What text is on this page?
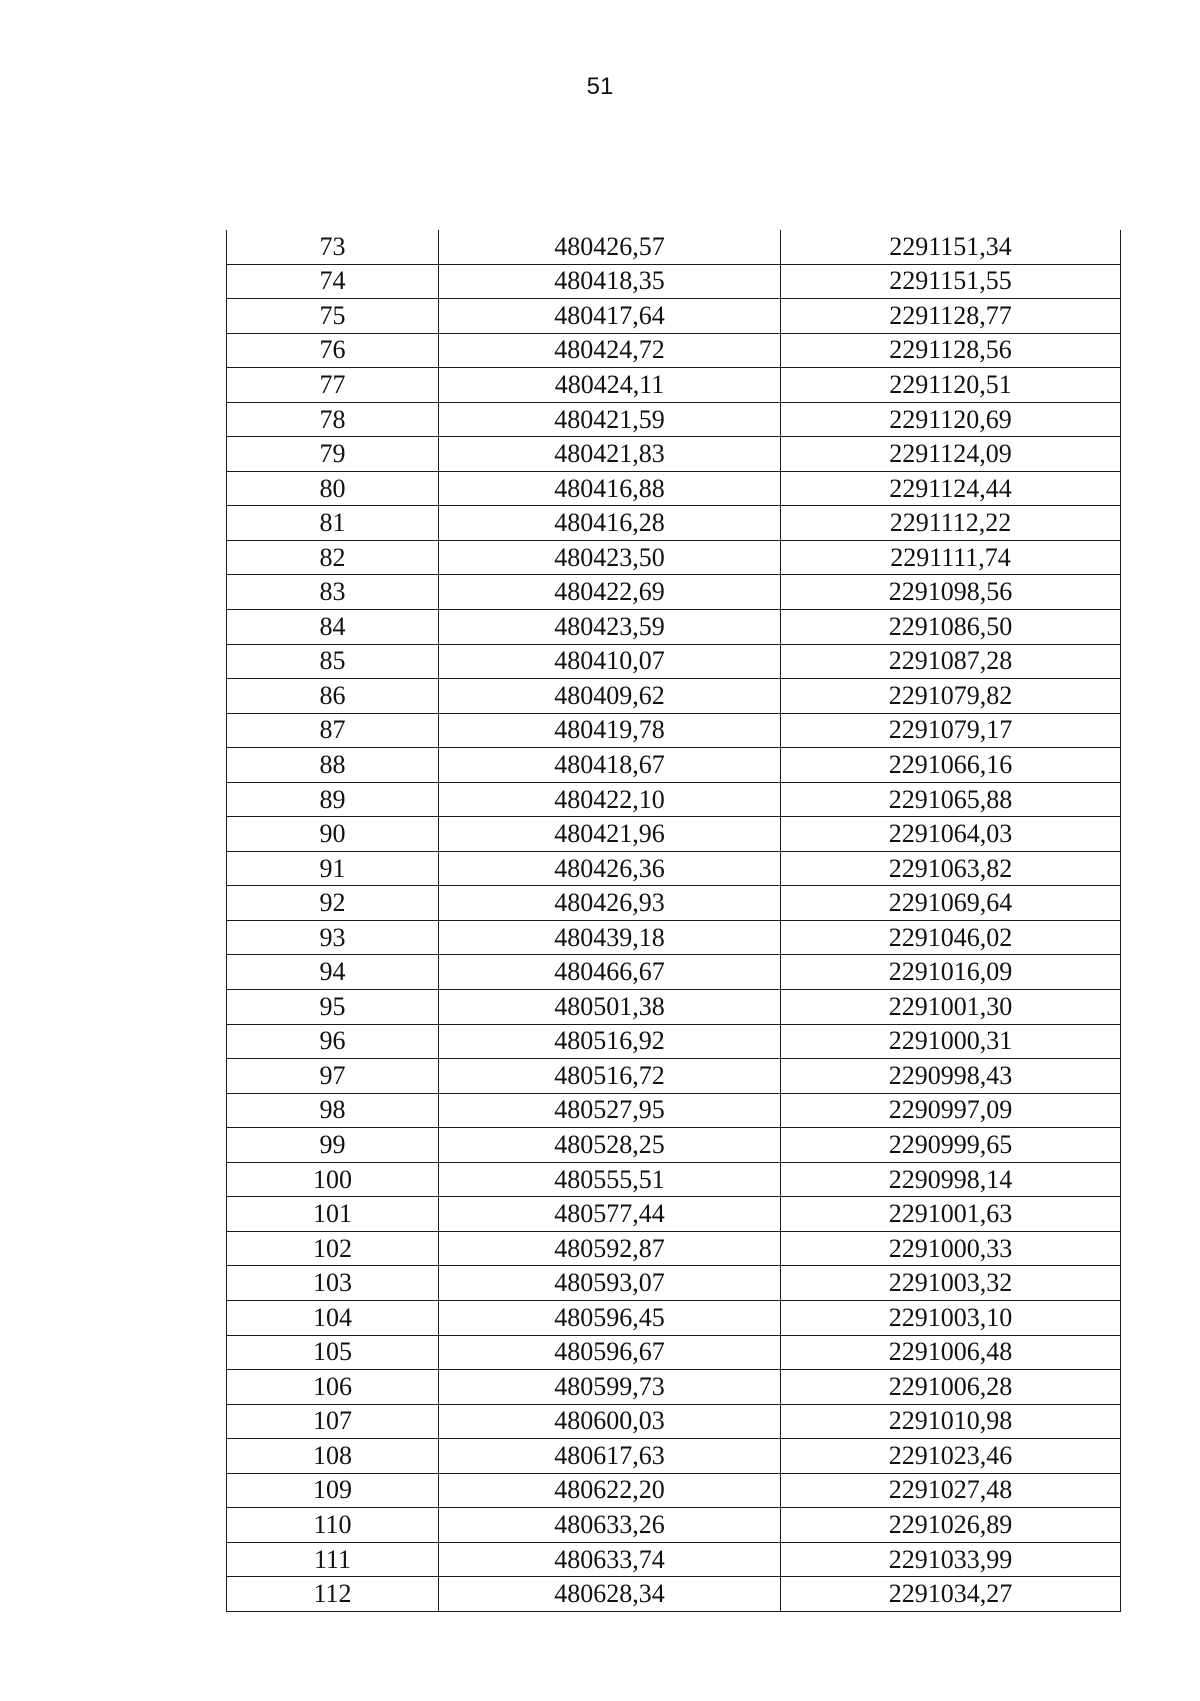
51
73	480426,57	2291151,34
74	480418,35	2291151,55
75	480417,64	2291128,77
76	480424,72	2291128,56
77	480424,11	2291120,51
78	480421,59	2291120,69
79	480421,83	2291124,09
80	480416,88	2291124,44
81	480416,28	2291112,22
82	480423,50	2291111,74
83	480422,69	2291098,56
84	480423,59	2291086,50
85	480410,07	2291087,28
86	480409,62	2291079,82
87	480419,78	2291079,17
88	480418,67	2291066,16
89	480422,10	2291065,88
90	480421,96	2291064,03
91	480426,36	2291063,82
92	480426,93	2291069,64
93	480439,18	2291046,02
94	480466,67	2291016,09
95	480501,38	2291001,30
96	480516,92	2291000,31
97	480516,72	2290998,43
98	480527,95	2290997,09
99	480528,25	2290999,65
100	480555,51	2290998,14
101	480577,44	2291001,63
102	480592,87	2291000,33
103	480593,07	2291003,32
104	480596,45	2291003,10
105	480596,67	2291006,48
106	480599,73	2291006,28
107	480600,03	2291010,98
108	480617,63	2291023,46
109	480622,20	2291027,48
110	480633,26	2291026,89
111	480633,74	2291033,99
112	480628,34	2291034,27
